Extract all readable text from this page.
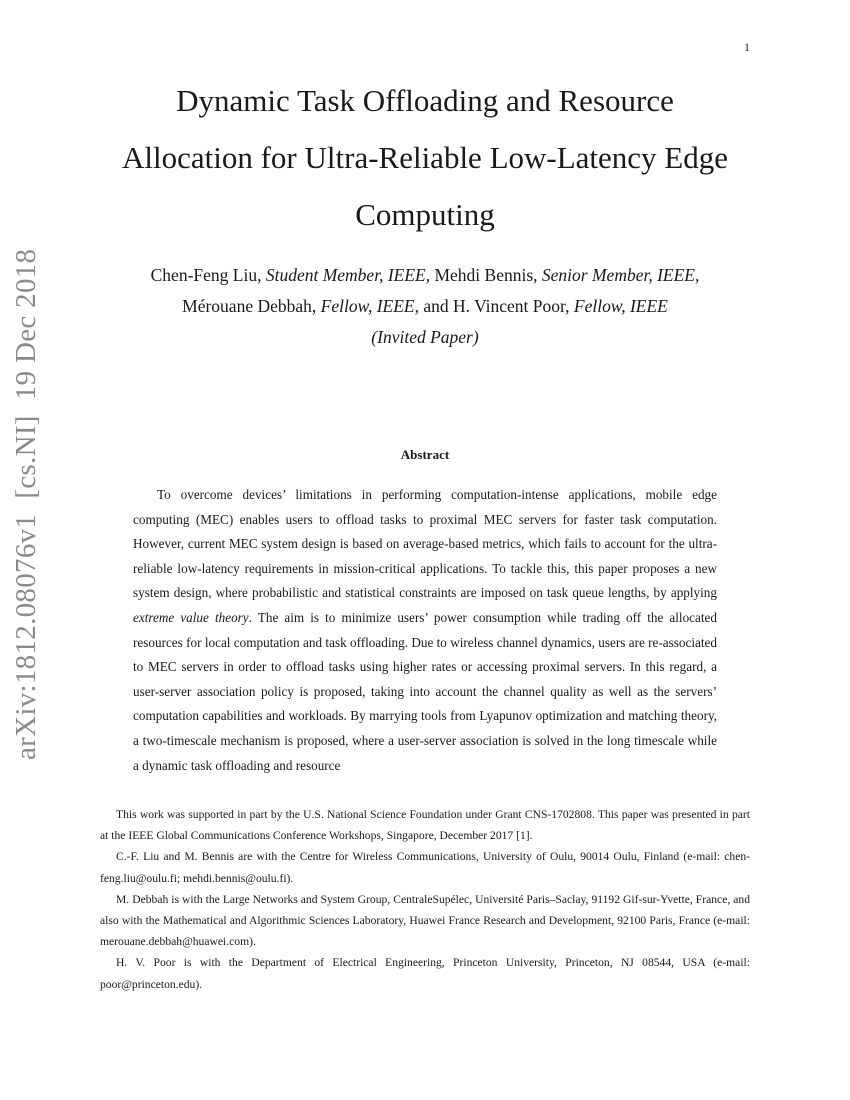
1
arXiv:1812.08076v1  [cs.NI]  19 Dec 2018
Dynamic Task Offloading and Resource Allocation for Ultra-Reliable Low-Latency Edge Computing
Chen-Feng Liu, Student Member, IEEE, Mehdi Bennis, Senior Member, IEEE,
Mérouane Debbah, Fellow, IEEE, and H. Vincent Poor, Fellow, IEEE
(Invited Paper)
Abstract

To overcome devices’ limitations in performing computation-intense applications, mobile edge computing (MEC) enables users to offload tasks to proximal MEC servers for faster task computation. However, current MEC system design is based on average-based metrics, which fails to account for the ultra-reliable low-latency requirements in mission-critical applications. To tackle this, this paper proposes a new system design, where probabilistic and statistical constraints are imposed on task queue lengths, by applying extreme value theory. The aim is to minimize users’ power consumption while trading off the allocated resources for local computation and task offloading. Due to wireless channel dynamics, users are re-associated to MEC servers in order to offload tasks using higher rates or accessing proximal servers. In this regard, a user-server association policy is proposed, taking into account the channel quality as well as the servers’ computation capabilities and workloads. By marrying tools from Lyapunov optimization and matching theory, a two-timescale mechanism is proposed, where a user-server association is solved in the long timescale while a dynamic task offloading and resource

This work was supported in part by the U.S. National Science Foundation under Grant CNS-1702808. This paper was presented in part at the IEEE Global Communications Conference Workshops, Singapore, December 2017 [1].

C.-F. Liu and M. Bennis are with the Centre for Wireless Communications, University of Oulu, 90014 Oulu, Finland (e-mail: chen-feng.liu@oulu.fi; mehdi.bennis@oulu.fi).

M. Debbah is with the Large Networks and System Group, CentraleSupélec, Université Paris–Saclay, 91192 Gif-sur-Yvette, France, and also with the Mathematical and Algorithmic Sciences Laboratory, Huawei France Research and Development, 92100 Paris, France (e-mail: merouane.debbah@huawei.com).

H. V. Poor is with the Department of Electrical Engineering, Princeton University, Princeton, NJ 08544, USA (e-mail: poor@princeton.edu).
